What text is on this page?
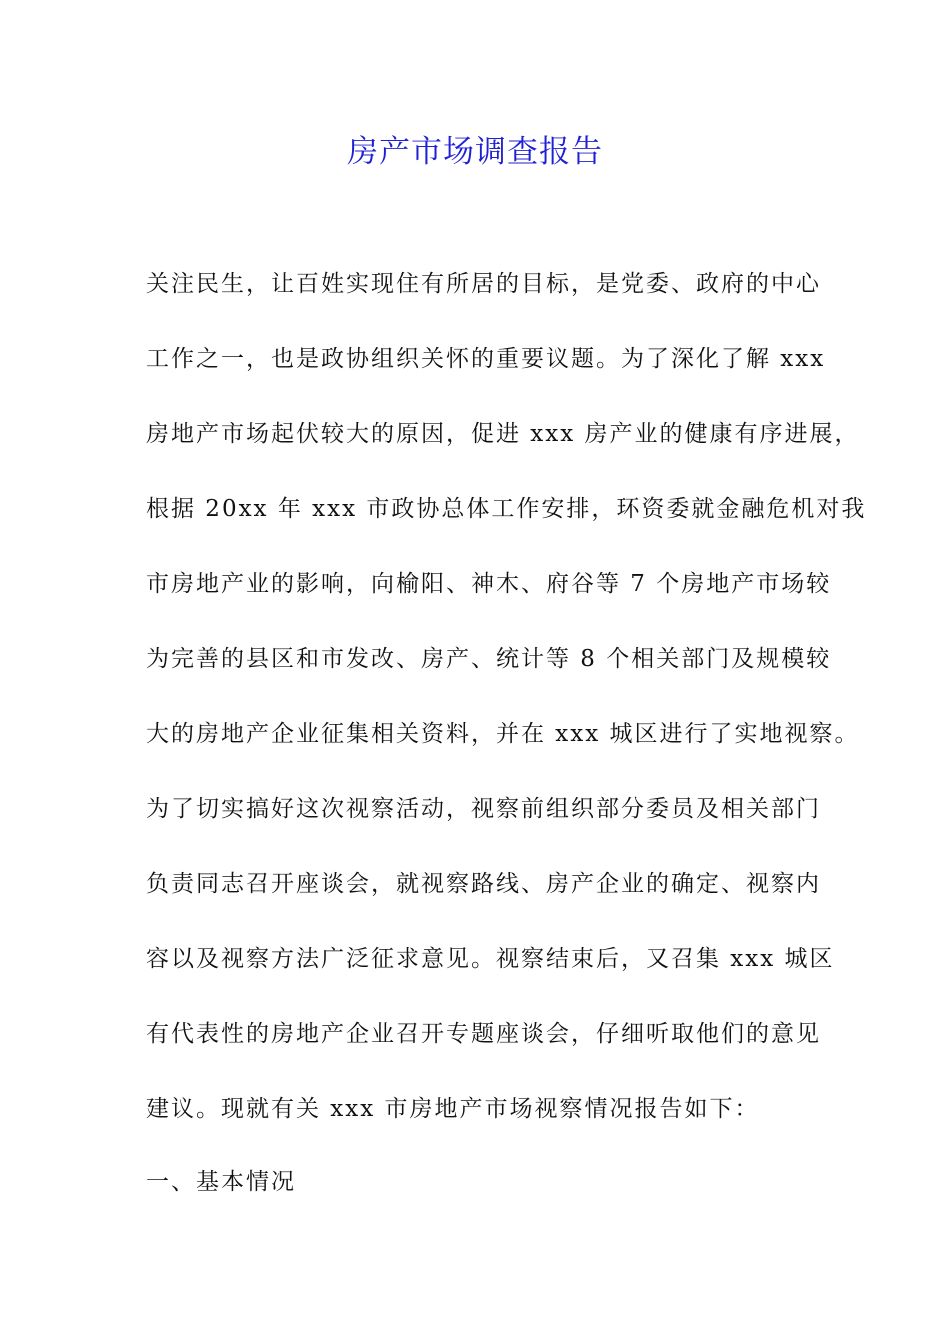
房产市场调查报告
关注民生，让百姓实现住有所居的目标，是党委、政府的中心
工作之一，也是政协组织关怀的重要议题。为了深化了解 xxx
房地产市场起伏较大的原因，促进 xxx 房产业的健康有序进展，
根据 20xx 年 xxx 市政协总体工作安排，环资委就金融危机对我
市房地产业的影响，向榆阳、神木、府谷等 7 个房地产市场较
为完善的县区和市发改、房产、统计等 8 个相关部门及规模较
大的房地产企业征集相关资料，并在 xxx 城区进行了实地视察。
为了切实搞好这次视察活动，视察前组织部分委员及相关部门
负责同志召开座谈会，就视察路线、房产企业的确定、视察内
容以及视察方法广泛征求意见。视察结束后，又召集 xxx 城区
有代表性的房地产企业召开专题座谈会，仔细听取他们的意见
建议。现就有关 xxx 市房地产市场视察情况报告如下：
一、基本情况
